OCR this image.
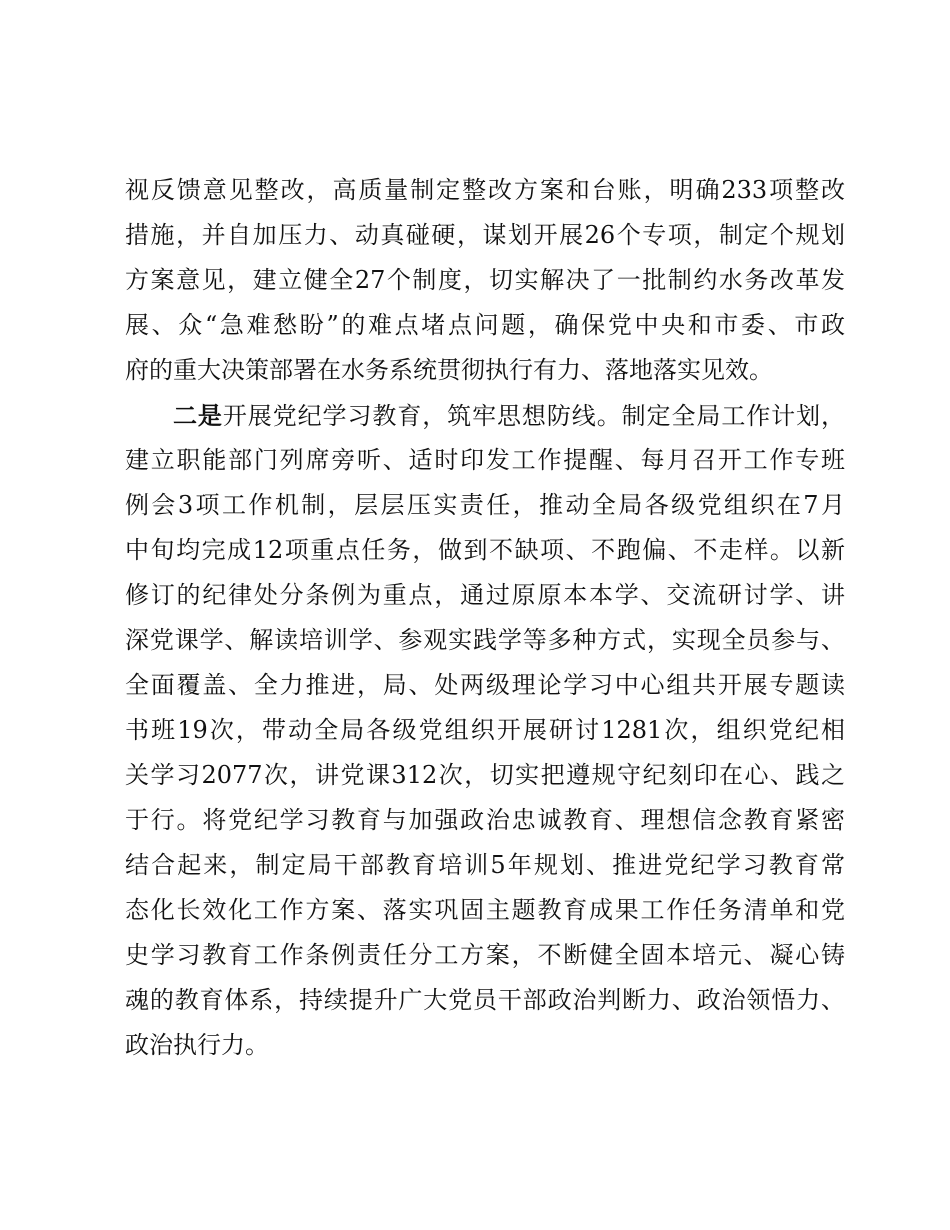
视反馈意见整改，高质量制定整改方案和台账，明确233项整改
措施，并自加压力、动真碰硬，谋划开展26个专项，制定个规划
方案意见，建立健全27个制度，切实解决了一批制约水务改革发
展、众“急难愁盼”的难点堵点问题，确保党中央和市委、市政
府的重大决策部署在水务系统贯彻执行有力、落地落实见效。
二是开展党纪学习教育，筑牢思想防线。制定全局工作计划，
建立职能部门列席旁听、适时印发工作提醒、每月召开工作专班
例会3项工作机制，层层压实责任，推动全局各级党组织在7月
中旬均完成12项重点任务，做到不缺项、不跑偏、不走样。以新
修订的纪律处分条例为重点，通过原原本本学、交流研讨学、讲
深党课学、解读培训学、参观实践学等多种方式，实现全员参与、
全面覆盖、全力推进，局、处两级理论学习中心组共开展专题读
书班19次，带动全局各级党组织开展研讨1281次，组织党纪相
关学习2077次，讲党课312次，切实把遵规守纪刻印在心、践之
于行。将党纪学习教育与加强政治忠诚教育、理想信念教育紧密
结合起来，制定局干部教育培训5年规划、推进党纪学习教育常
态化长效化工作方案、落实巩固主题教育成果工作任务清单和党
史学习教育工作条例责任分工方案，不断健全固本培元、凝心铸
魂的教育体系，持续提升广大党员干部政治判断力、政治领悟力、
政治执行力。
